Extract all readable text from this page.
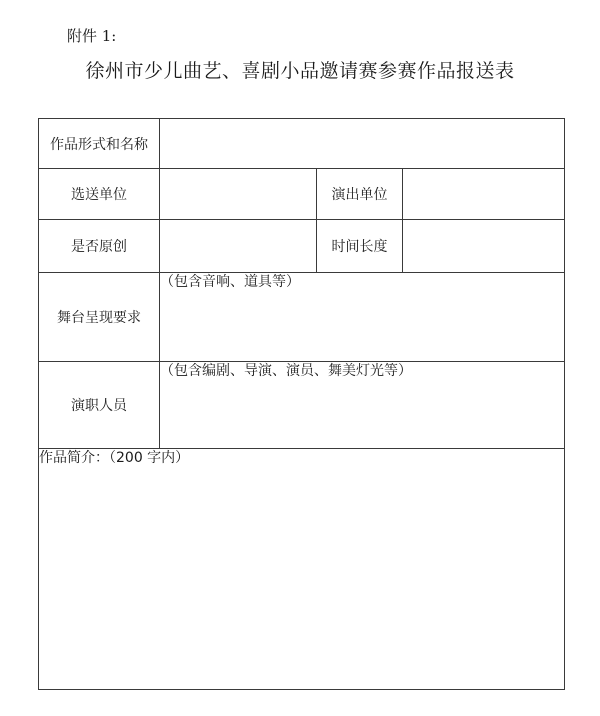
附件 1:
徐州市少儿曲艺、喜剧小品邀请赛参赛作品报送表
作品形式和名称			
选送单位		演出单位	
是否原创		时间长度	
舞台呈现要求	（包含音响、道具等）		
演职人员	（包含编剧、导演、演员、舞美灯光等）		
作品简介：（200 字内）			
